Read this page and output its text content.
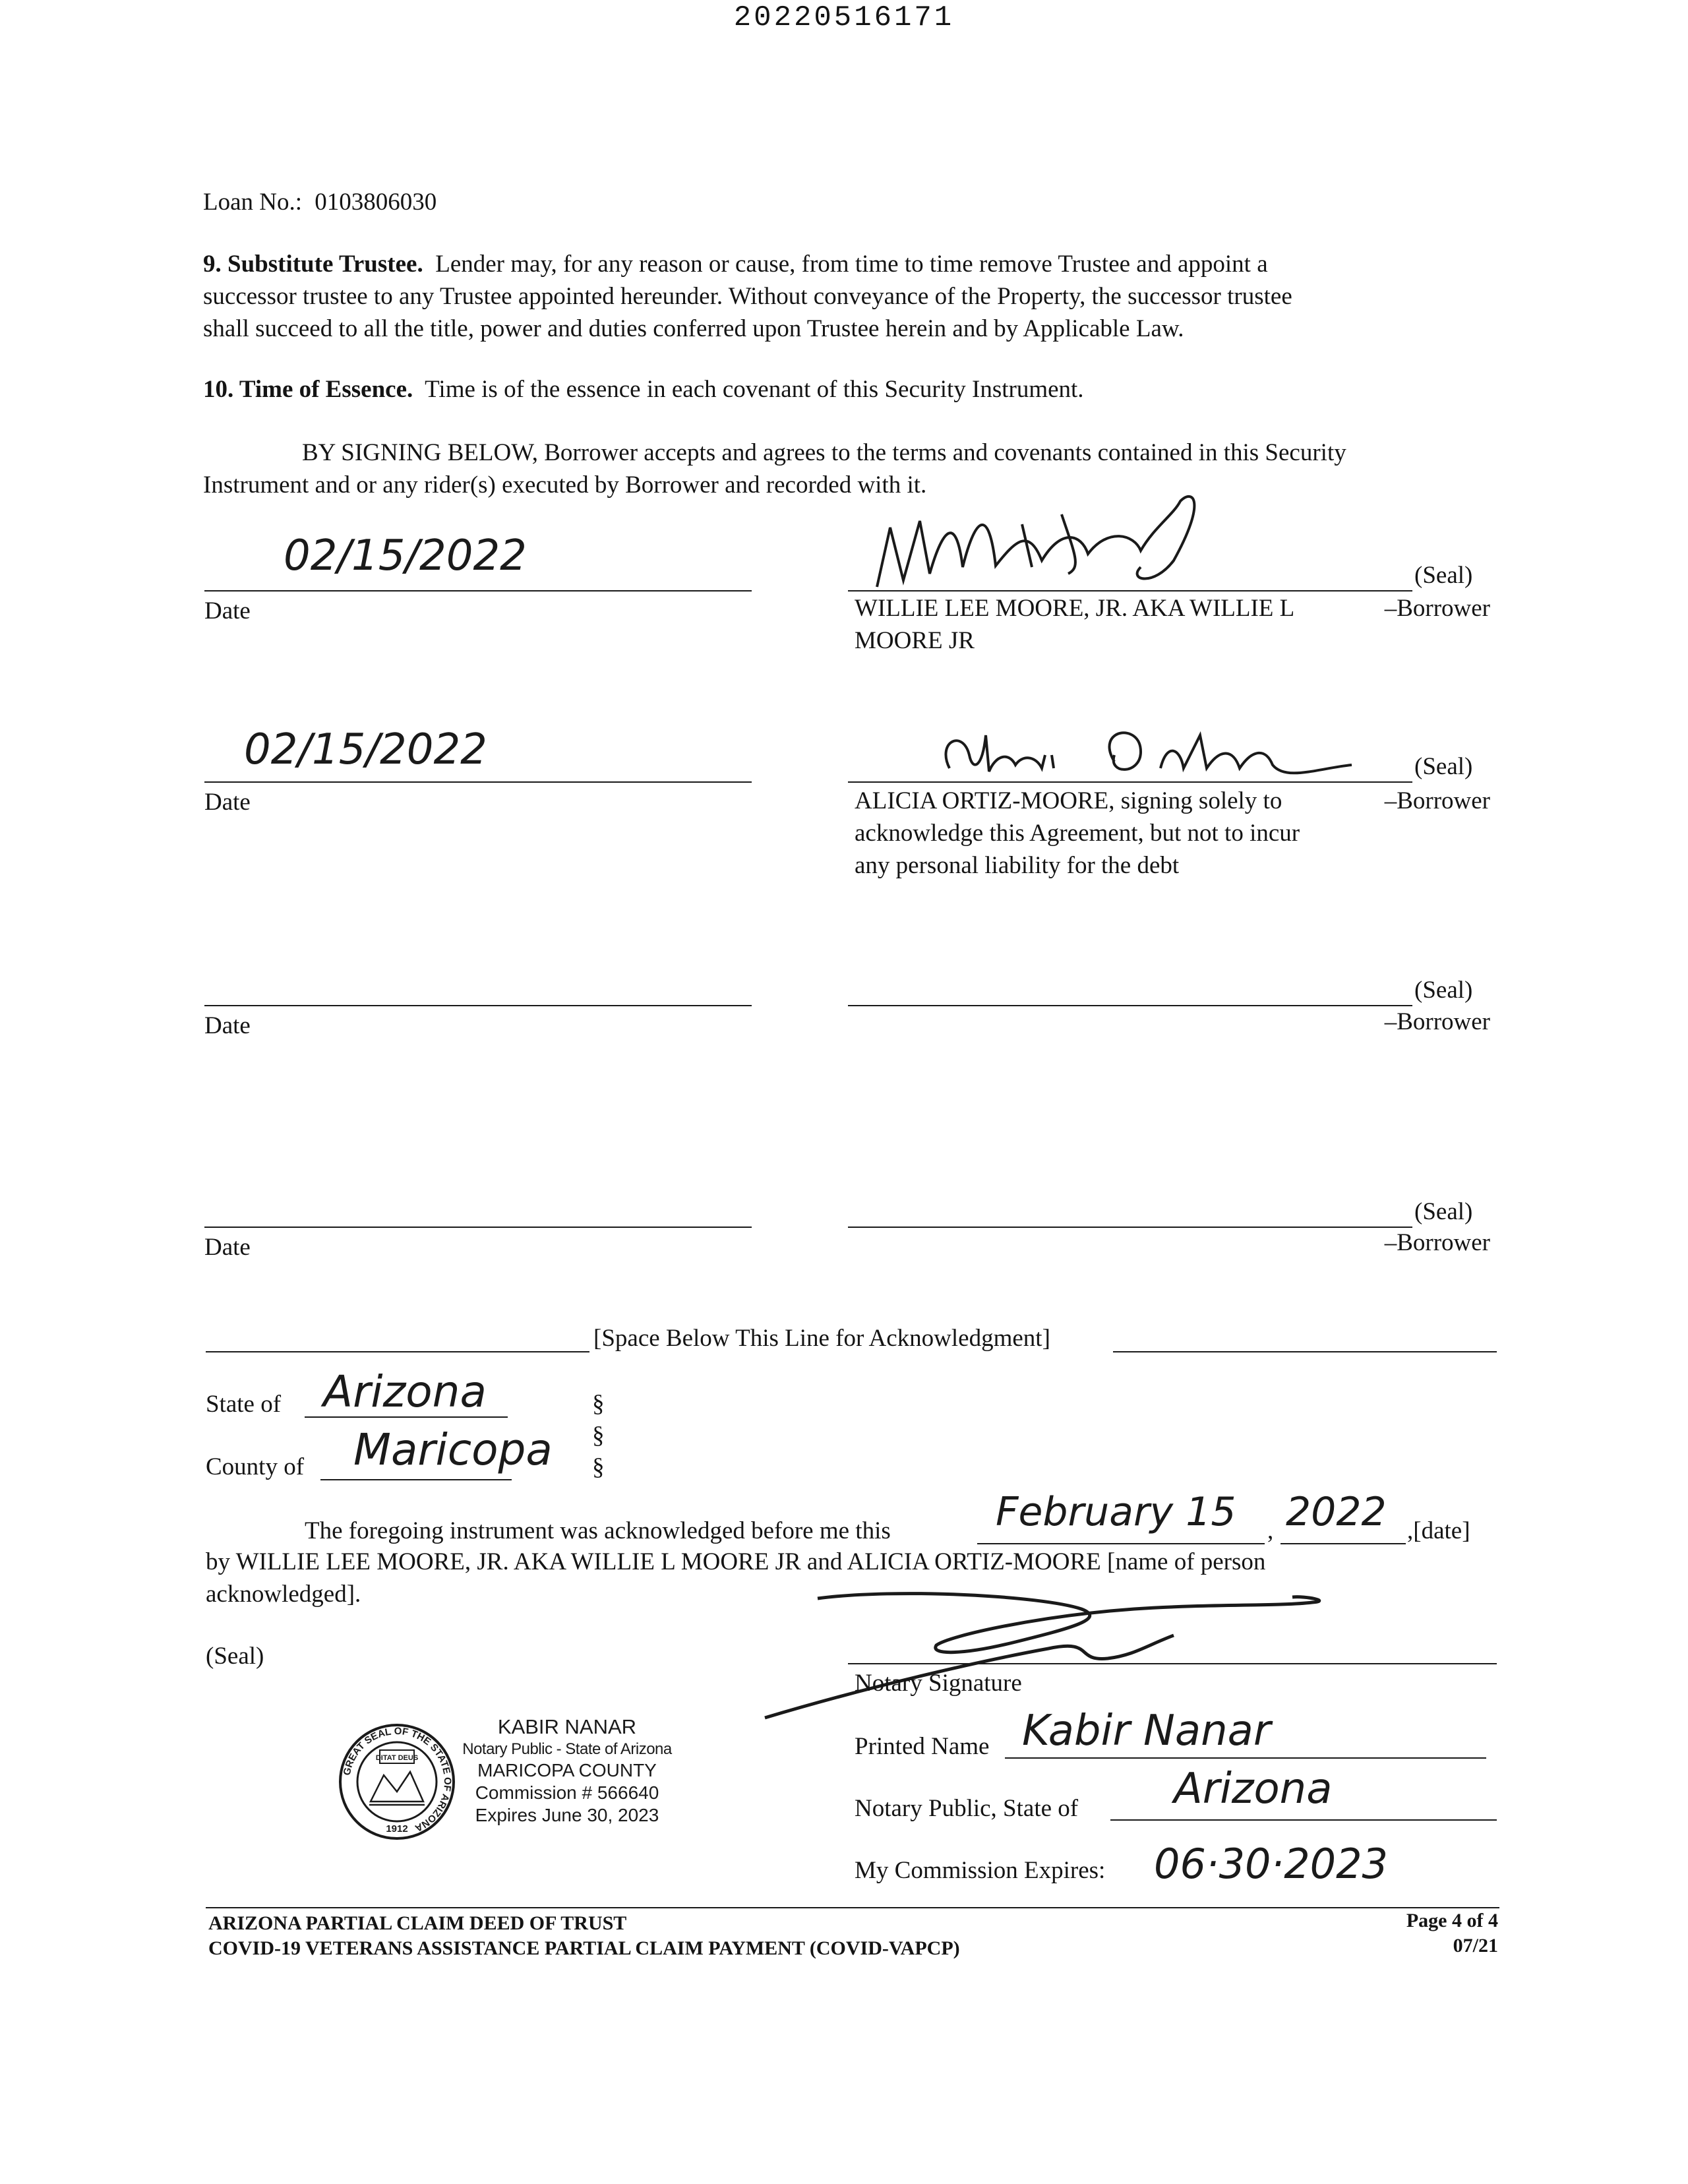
20220516171
Loan No.: 0103806030
9. Substitute Trustee. Lender may, for any reason or cause, from time to time remove Trustee and appoint a
successor trustee to any Trustee appointed hereunder. Without conveyance of the Property, the successor trustee
shall succeed to all the title, power and duties conferred upon Trustee herein and by Applicable Law.
10. Time of Essence. Time is of the essence in each covenant of this Security Instrument.
BY SIGNING BELOW, Borrower accepts and agrees to the terms and covenants contained in this Security
Instrument and or any rider(s) executed by Borrower and recorded with it.
02/15/2022
Date
(Seal)
WILLIE LEE MOORE, JR. AKA WILLIE L
MOORE JR
–Borrower
02/15/2022
Date
(Seal)
ALICIA ORTIZ-MOORE, signing solely to
acknowledge this Agreement, but not to incur
any personal liability for the debt
–Borrower
Date
(Seal)
–Borrower
Date
(Seal)
–Borrower
[Space Below This Line for Acknowledgment]
State of Arizona
County of Maricopa
§
§
§
The foregoing instrument was acknowledged before me this	February 15 , 2022 ,[date]
by WILLIE LEE MOORE, JR. AKA WILLIE L MOORE JR and ALICIA ORTIZ-MOORE [name of person
acknowledged].
(Seal)
Notary Signature
GREAT SEAL OF THE STATE OF ARIZONA
DITAT DEUS
1912
KABIR NANAR
Notary Public - State of Arizona
MARICOPA COUNTY
Commission # 566640
Expires June 30, 2023
Printed Name Kabir Nanar
Notary Public, State of Arizona
My Commission Expires: 06·30·2023
ARIZONA PARTIAL CLAIM DEED OF TRUST
COVID-19 VETERANS ASSISTANCE PARTIAL CLAIM PAYMENT (COVID-VAPCP)
Page 4 of 4
07/21
